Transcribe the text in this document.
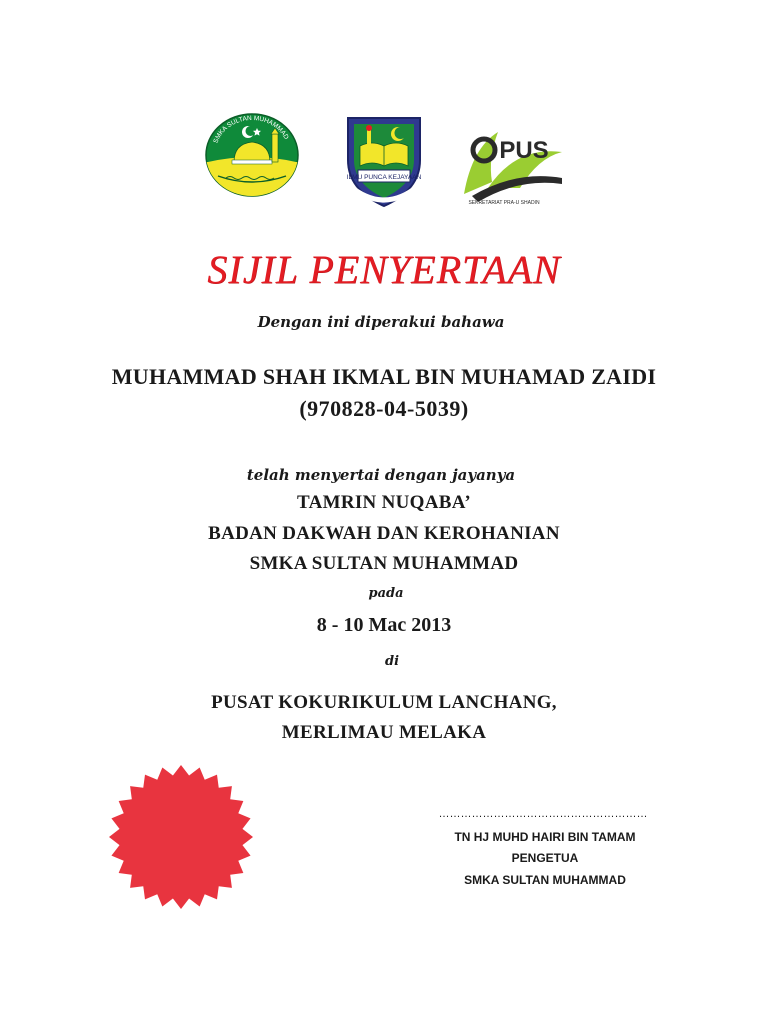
SMKA SULTAN MUHAMMAD
ILMU PUNCA KEJAYAAN
PUS
SEKRETARIAT PRA-U SHADIN
SIJIL PENYERTAAN
Dengan ini diperakui bahawa
MUHAMMAD SHAH IKMAL BIN MUHAMAD ZAIDI
(970828-04-5039)
telah menyertai dengan jayanya
TAMRIN NUQABA’
BADAN DAKWAH DAN KEROHANIAN
SMKA SULTAN MUHAMMAD
pada
8 - 10 Mac 2013
di
PUSAT KOKURIKULUM LANCHANG,
MERLIMAU MELAKA
…………………………………………………
TN HJ MUHD HAIRI BIN TAMAM
PENGETUA
SMKA SULTAN MUHAMMAD
